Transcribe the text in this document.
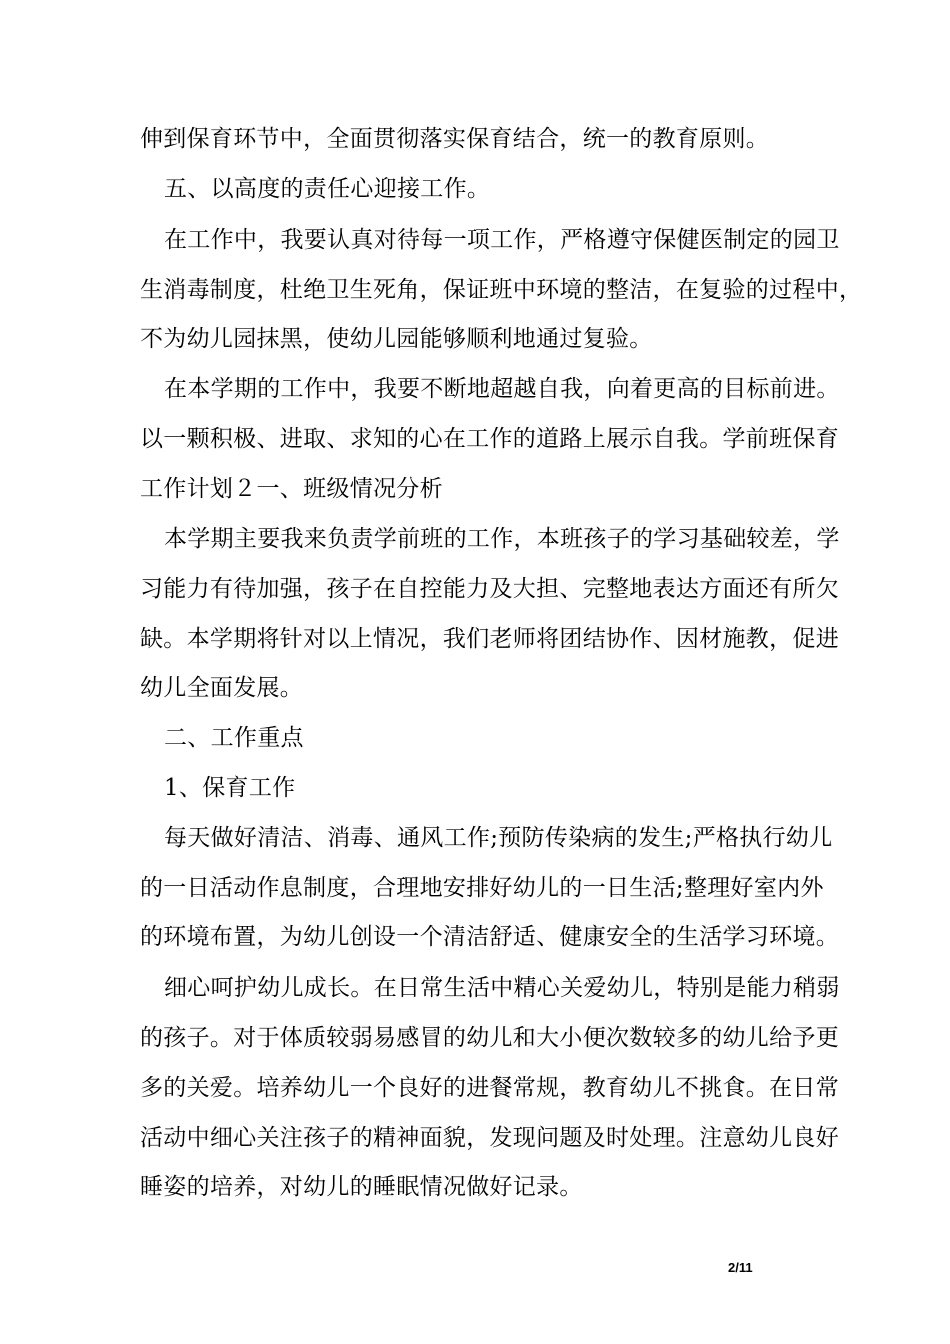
伸到保育环节中，全面贯彻落实保育结合，统一的教育原则。
五、以高度的责任心迎接工作。
在工作中，我要认真对待每一项工作，严格遵守保健医制定的园卫
生消毒制度，杜绝卫生死角，保证班中环境的整洁，在复验的过程中，
不为幼儿园抹黑，使幼儿园能够顺利地通过复验。
在本学期的工作中，我要不断地超越自我，向着更高的目标前进。
以一颗积极、进取、求知的心在工作的道路上展示自我。学前班保育
工作计划２一、班级情况分析
本学期主要我来负责学前班的工作，本班孩子的学习基础较差，学
习能力有待加强，孩子在自控能力及大担、完整地表达方面还有所欠
缺。本学期将针对以上情况，我们老师将团结协作、因材施教，促进
幼儿全面发展。
二、工作重点
1、保育工作
每天做好清洁、消毒、通风工作;预防传染病的发生;严格执行幼儿
的一日活动作息制度，合理地安排好幼儿的一日生活;整理好室内外
的环境布置，为幼儿创设一个清洁舒适、健康安全的生活学习环境。
细心呵护幼儿成长。在日常生活中精心关爱幼儿，特别是能力稍弱
的孩子。对于体质较弱易感冒的幼儿和大小便次数较多的幼儿给予更
多的关爱。培养幼儿一个良好的进餐常规，教育幼儿不挑食。在日常
活动中细心关注孩子的精神面貌，发现问题及时处理。注意幼儿良好
睡姿的培养，对幼儿的睡眠情况做好记录。
2/11
